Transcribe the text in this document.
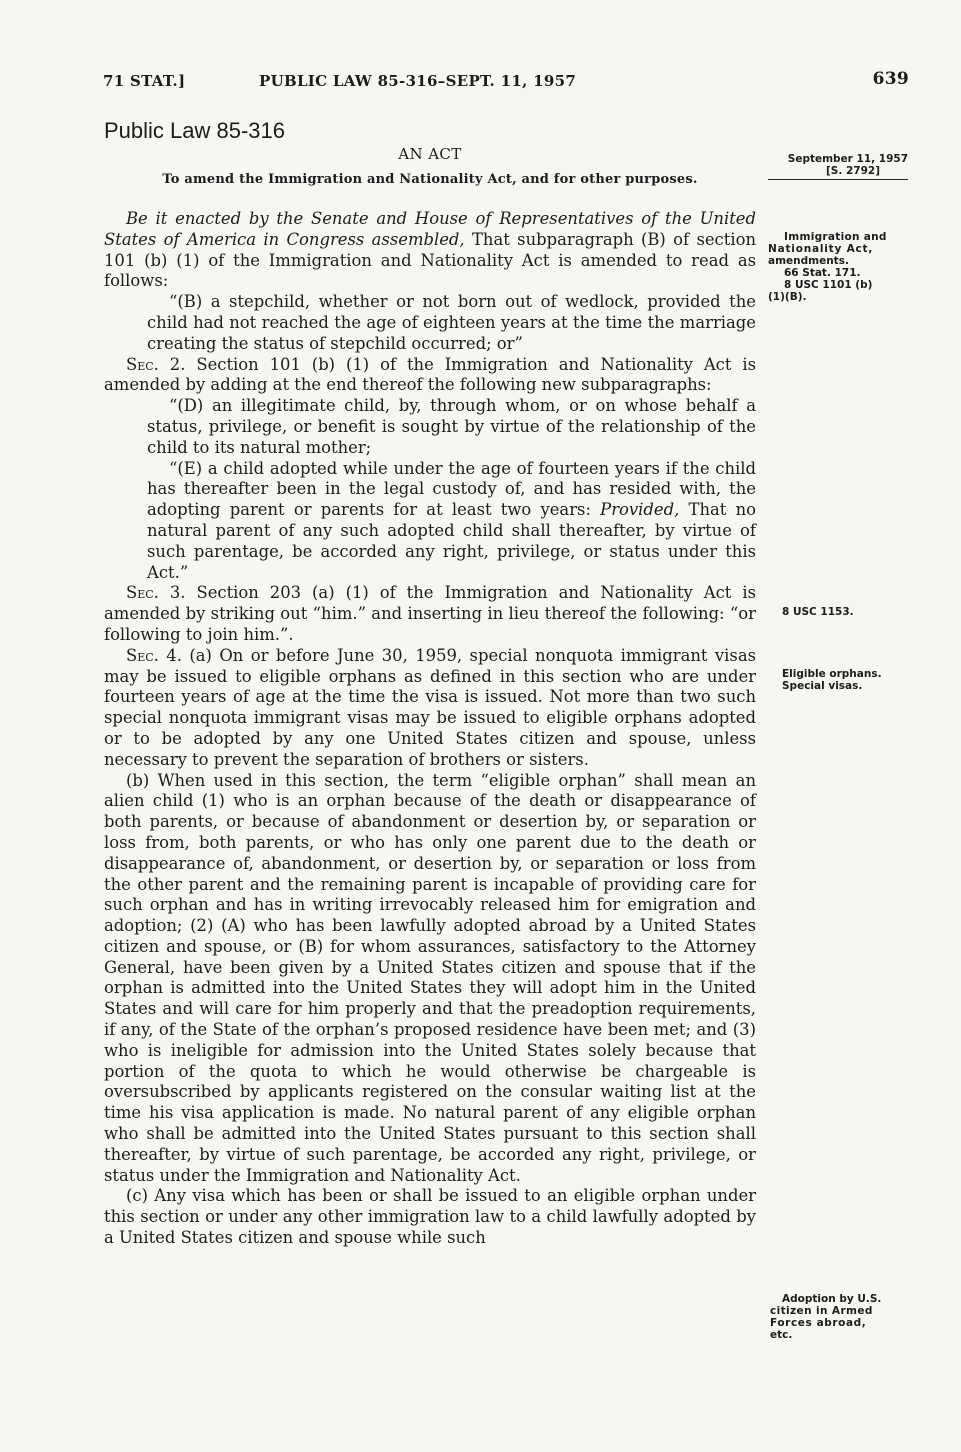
71 STAT.]	PUBLIC LAW 85-316–SEPT. 11, 1957	639
Public Law 85-316
AN ACT
To amend the Immigration and Nationality Act, and for other purposes.
September 11, 1957
[S. 2792]
Immigration and
Nationality Act,
amendments.
66 Stat. 171.
8 USC 1101 (b)
(1)(B).
8 USC 1153.
Eligible orphans.
Special visas.
Adoption by U.S.
citizen in Armed
Forces abroad,
etc.

Be it enacted by the Senate and House of Representatives of the United States of America in Congress assembled, That subparagraph (B) of section 101 (b) (1) of the Immigration and Nationality Act is amended to read as follows:

“(B) a stepchild, whether or not born out of wedlock, provided the child had not reached the age of eighteen years at the time the marriage creating the status of stepchild occurred; or”

Sec. 2. Section 101 (b) (1) of the Immigration and Nationality Act is amended by adding at the end thereof the following new subparagraphs:

“(D) an illegitimate child, by, through whom, or on whose behalf a status, privilege, or benefit is sought by virtue of the relationship of the child to its natural mother;

“(E) a child adopted while under the age of fourteen years if the child has thereafter been in the legal custody of, and has resided with, the adopting parent or parents for at least two years: Provided, That no natural parent of any such adopted child shall thereafter, by virtue of such parentage, be accorded any right, privilege, or status under this Act.”

Sec. 3. Section 203 (a) (1) of the Immigration and Nationality Act is amended by striking out “him.” and inserting in lieu thereof the following: “or following to join him.”.

Sec. 4. (a) On or before June 30, 1959, special nonquota immigrant visas may be issued to eligible orphans as defined in this section who are under fourteen years of age at the time the visa is issued. Not more than two such special nonquota immigrant visas may be issued to eligible orphans adopted or to be adopted by any one United States citizen and spouse, unless necessary to prevent the separation of brothers or sisters.

(b) When used in this section, the term “eligible orphan” shall mean an alien child (1) who is an orphan because of the death or disappearance of both parents, or because of abandonment or desertion by, or separation or loss from, both parents, or who has only one parent due to the death or disappearance of, abandonment, or desertion by, or separation or loss from the other parent and the remaining parent is incapable of providing care for such orphan and has in writing irrevocably released him for emigration and adoption; (2) (A) who has been lawfully adopted abroad by a United States citizen and spouse, or (B) for whom assurances, satisfactory to the Attorney General, have been given by a United States citizen and spouse that if the orphan is admitted into the United States they will adopt him in the United States and will care for him properly and that the preadoption requirements, if any, of the State of the orphan’s proposed residence have been met; and (3) who is ineligible for admission into the United States solely because that portion of the quota to which he would otherwise be chargeable is oversubscribed by applicants registered on the consular waiting list at the time his visa application is made. No natural parent of any eligible orphan who shall be admitted into the United States pursuant to this section shall thereafter, by virtue of such parentage, be accorded any right, privilege, or status under the Immigration and Nationality Act.

(c) Any visa which has been or shall be issued to an eligible orphan under this section or under any other immigration law to a child lawfully adopted by a United States citizen and spouse while such
